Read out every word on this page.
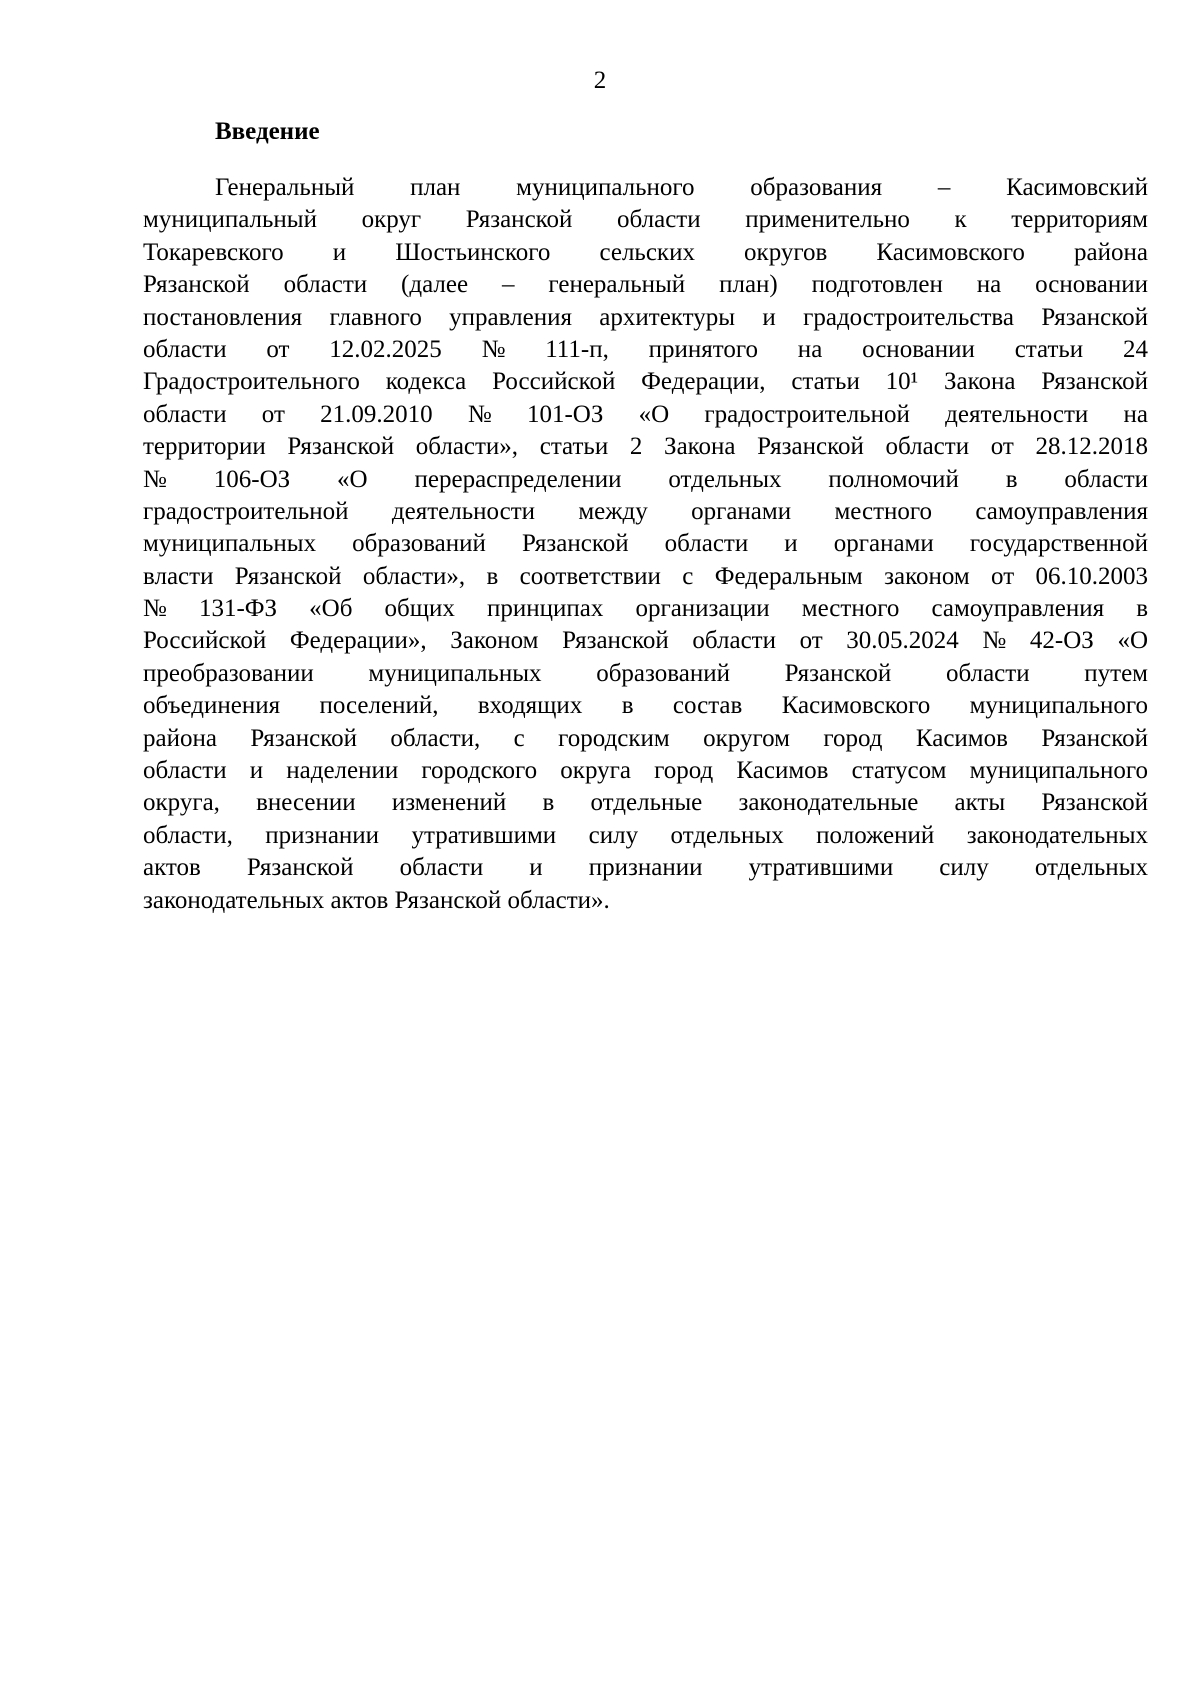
2
Введение
Генеральный план муниципального образования – Касимовский
муниципальный округ Рязанской области применительно к территориям
Токаревского и Шостьинского сельских округов Касимовского района
Рязанской области (далее – генеральный план) подготовлен на основании
постановления главного управления архитектуры и градостроительства Рязанской
области от 12.02.2025 № 111-п, принятого на основании статьи 24
Градостроительного кодекса Российской Федерации, статьи 10¹ Закона Рязанской
области от 21.09.2010 № 101-ОЗ «О градостроительной деятельности на
территории Рязанской области», статьи 2 Закона Рязанской области от 28.12.2018
№ 106-ОЗ «О перераспределении отдельных полномочий в области
градостроительной деятельности между органами местного самоуправления
муниципальных образований Рязанской области и органами государственной
власти Рязанской области», в соответствии с Федеральным законом от 06.10.2003
№ 131-ФЗ «Об общих принципах организации местного самоуправления в
Российской Федерации», Законом Рязанской области от 30.05.2024 № 42-ОЗ «О
преобразовании муниципальных образований Рязанской области путем
объединения поселений, входящих в состав Касимовского муниципального
района Рязанской области, с городским округом город Касимов Рязанской
области и наделении городского округа город Касимов статусом муниципального
округа, внесении изменений в отдельные законодательные акты Рязанской
области, признании утратившими силу отдельных положений законодательных
актов Рязанской области и признании утратившими силу отдельных
законодательных актов Рязанской области».
